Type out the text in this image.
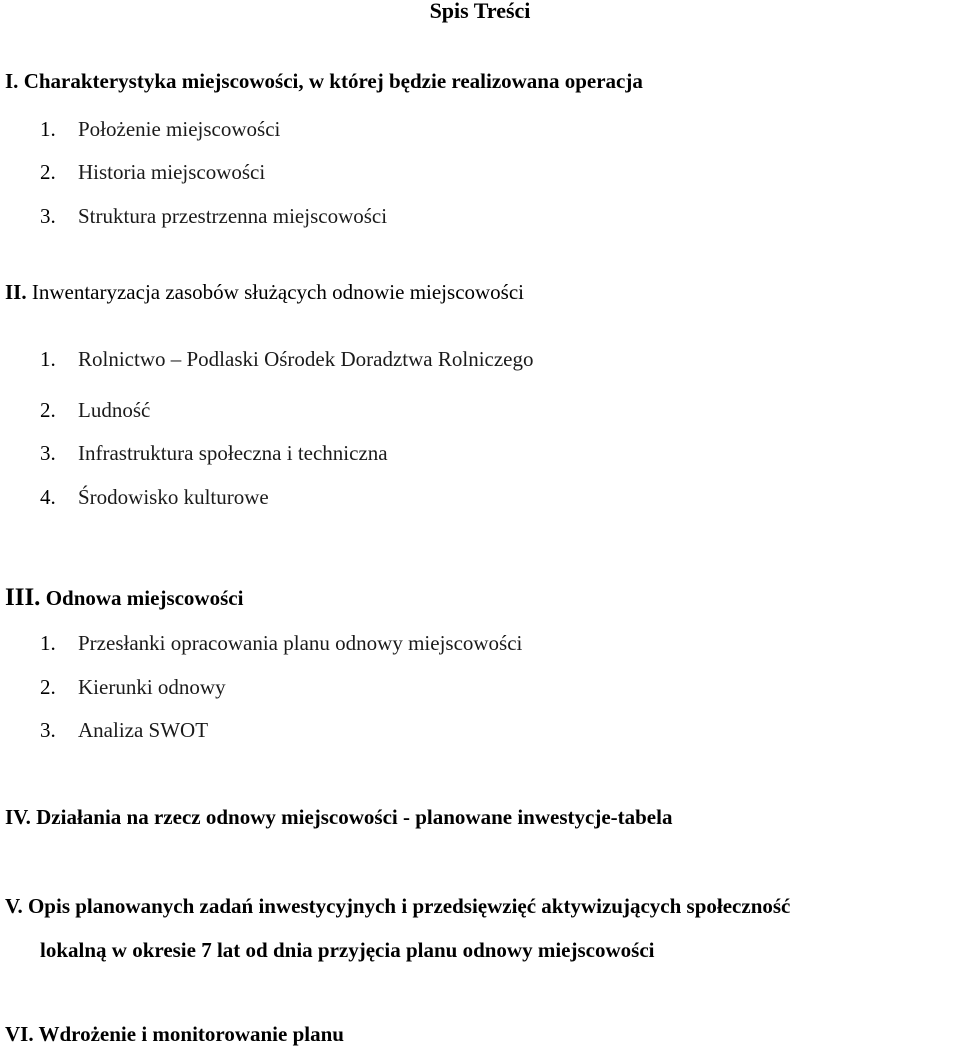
Spis Treści
I. Charakterystyka miejscowości, w której będzie realizowana operacja
1. Położenie miejscowości
2. Historia miejscowości
3. Struktura przestrzenna miejscowości
II. Inwentaryzacja zasobów służących odnowie miejscowości
1. Rolnictwo – Podlaski Ośrodek Doradztwa Rolniczego
2. Ludność
3. Infrastruktura społeczna i techniczna
4. Środowisko kulturowe
III. Odnowa miejscowości
1. Przesłanki opracowania planu odnowy miejscowości
2. Kierunki odnowy
3. Analiza SWOT
IV. Działania na rzecz odnowy miejscowości - planowane inwestycje-tabela
V. Opis planowanych zadań inwestycyjnych i przedsięwzięć aktywizujących społeczność
lokalną w okresie 7 lat od dnia przyjęcia planu odnowy miejscowości
VI. Wdrożenie i monitorowanie planu
